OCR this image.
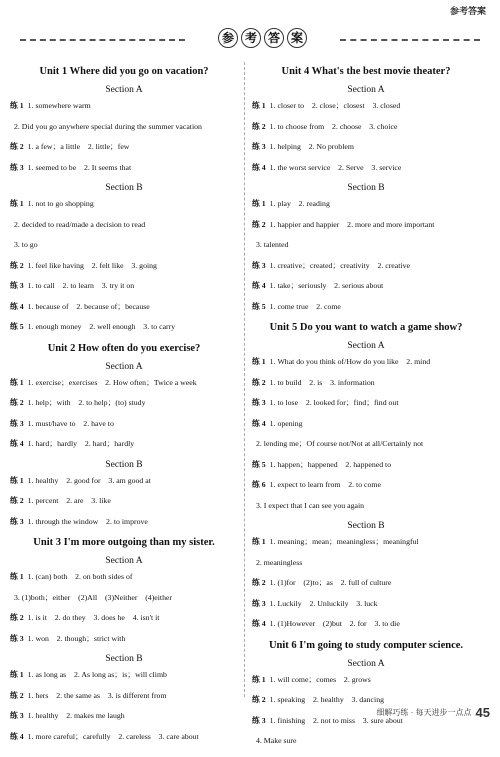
参考答案
参 考 答 案
Unit 1 Where did you go on vacation?
Section A
练 1 1. somewhere warm
2. Did you go anywhere special during the summer vacation
练 2 1. a few；a little　2. little；few
练 3 1. seemed to be　2. It seems that
Section B
练 1 1. not to go shopping
2. decided to read/made a decision to read
3. to go
练 2 1. feel like having　2. felt like　3. going
练 3 1. to call　2. to learn　3. try it on
练 4 1. because of　2. because of；because
练 5 1. enough money　2. well enough　3. to carry
Unit 2 How often do you exercise?
Section A
练 1 1. exercise；exercises　2. How often；Twice a week
练 2 1. help；with　2. to help；(to) study
练 3 1. must/have to　2. have to
练 4 1. hard；hardly　2. hard；hardly
Section B
练 1 1. healthy　2. good for　3. am good at
练 2 1. percent　2. are　3. like
练 3 1. through the window　2. to improve
Unit 3 I'm more outgoing than my sister.
Section A
练 1 1. (can) both　2. on both sides of
3. (1)both；either　(2)All　(3)Neither　(4)either
练 2 1. is it　2. do they　3. does he　4. isn't it
练 3 1. won　2. though；strict with
Section B
练 1 1. as long as　2. As long as；is；will climb
练 2 1. hers　2. the same as　3. is different from
练 3 1. healthy　2. makes me laugh
练 4 1. more careful；carefully　2. careless　3. care about
Unit 4 What's the best movie theater?
Section A
练 1 1. closer to　2. close；closest　3. closed
练 2 1. to choose from　2. choose　3. choice
练 3 1. helping　2. No problem
练 4 1. the worst service　2. Serve　3. service
Section B
练 1 1. play　2. reading
练 2 1. happier and happier　2. more and more important
3. talented
练 3 1. creative；created；creativity　2. creative
练 4 1. take；seriously　2. serious about
练 5 1. come true　2. come
Unit 5 Do you want to watch a game show?
Section A
练 1 1. What do you think of/How do you like　2. mind
练 2 1. to build　2. is　3. information
练 3 1. to lose　2. looked for；find；find out
练 4 1. opening
2. lending me；Of course not/Not at all/Certainly not
练 5 1. happen；happened　2. happened to
练 6 1. expect to learn from　2. to come
3. I expect that I can see you again
Section B
练 1 1. meaning；mean；meaningless；meaningful
2. meaningless
练 2 1. (1)for　(2)to；as　2. full of culture
练 3 1. Luckily　2. Unluckily　3. luck
练 4 1. (1)However　(2)but　2. for　3. to die
Unit 6 I'm going to study computer science.
Section A
练 1 1. will come；comes　2. grows
练 2 1. speaking　2. healthy　3. dancing
练 3 1. finishing　2. not to miss　3. sure about
4. Make sure
细解巧练 · 每天进步一点点 45
